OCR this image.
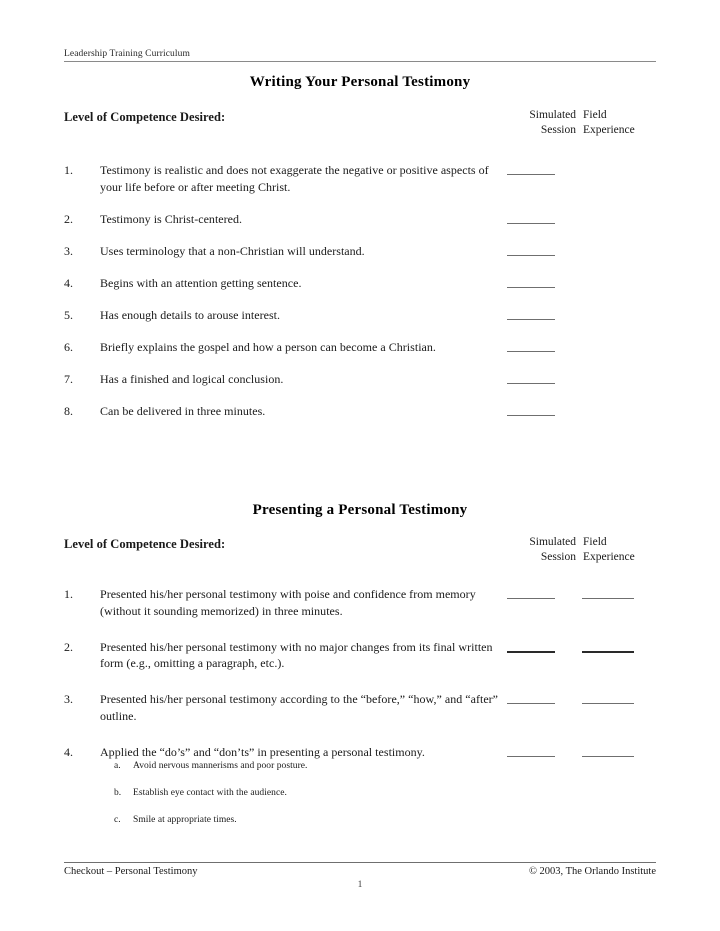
Leadership Training Curriculum
Writing Your Personal Testimony
Level of Competence Desired:	Simulated
Session
Field
Experience
1.	Testimony is realistic and does not exaggerate the negative or positive aspects of your life before or after meeting Christ.
2.	Testimony is Christ-centered.
3.	Uses terminology that a non-Christian will understand.
4.	Begins with an attention getting sentence.
5.	Has enough details to arouse interest.
6.	Briefly explains the gospel and how a person can become a Christian.
7.	Has a finished and logical conclusion.
8.	Can be delivered in three minutes.
Presenting a Personal Testimony
Level of Competence Desired:	Simulated
Session
Field
Experience
1.	Presented his/her personal testimony with poise and confidence from memory (without it sounding memorized) in three minutes.
2.	Presented his/her personal testimony with no major changes from its final written form (e.g., omitting a paragraph, etc.).
3.	Presented his/her personal testimony according to the “before,” “how,” and “after” outline.
4.	Applied the “do’s” and “don’ts” in presenting a personal testimony.
a. Avoid nervous mannerisms and poor posture.
b. Establish eye contact with the audience.
c. Smile at appropriate times.
Checkout – Personal Testimony	© 2003, The Orlando Institute
1
